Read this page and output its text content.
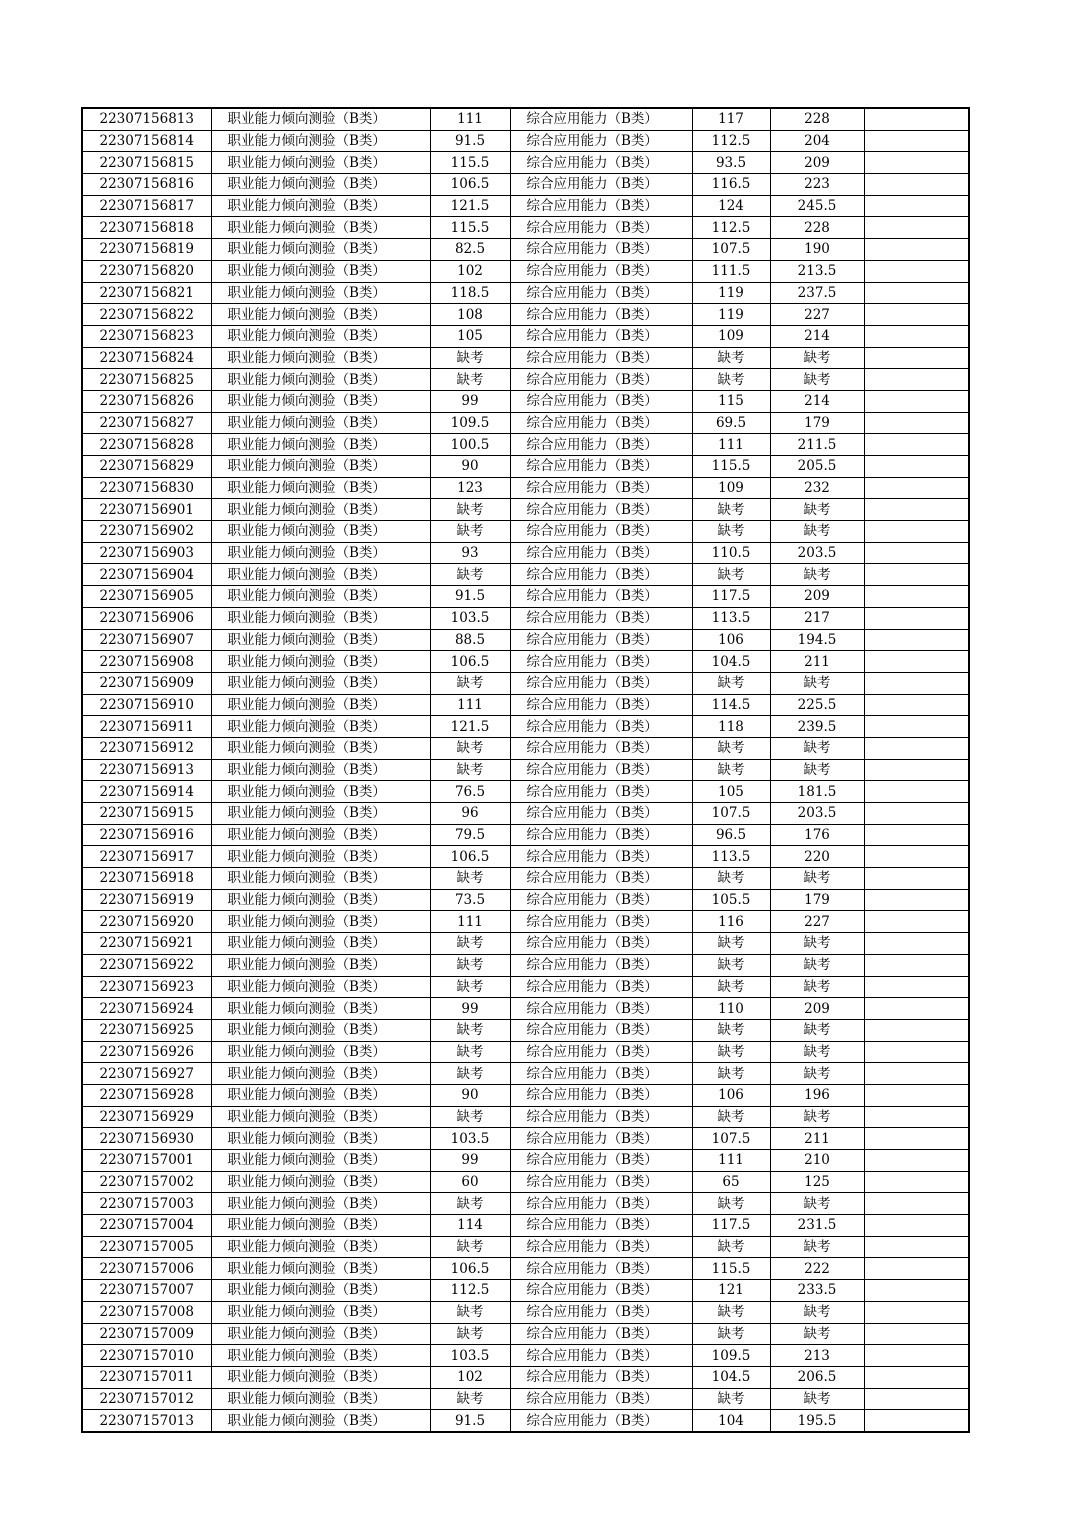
22307156813	职业能力倾向测验（B类）	111	综合应用能力（B类）	117	228	
22307156814	职业能力倾向测验（B类）	91.5	综合应用能力（B类）	112.5	204	
22307156815	职业能力倾向测验（B类）	115.5	综合应用能力（B类）	93.5	209	
22307156816	职业能力倾向测验（B类）	106.5	综合应用能力（B类）	116.5	223	
22307156817	职业能力倾向测验（B类）	121.5	综合应用能力（B类）	124	245.5	
22307156818	职业能力倾向测验（B类）	115.5	综合应用能力（B类）	112.5	228	
22307156819	职业能力倾向测验（B类）	82.5	综合应用能力（B类）	107.5	190	
22307156820	职业能力倾向测验（B类）	102	综合应用能力（B类）	111.5	213.5	
22307156821	职业能力倾向测验（B类）	118.5	综合应用能力（B类）	119	237.5	
22307156822	职业能力倾向测验（B类）	108	综合应用能力（B类）	119	227	
22307156823	职业能力倾向测验（B类）	105	综合应用能力（B类）	109	214	
22307156824	职业能力倾向测验（B类）	缺考	综合应用能力（B类）	缺考	缺考	
22307156825	职业能力倾向测验（B类）	缺考	综合应用能力（B类）	缺考	缺考	
22307156826	职业能力倾向测验（B类）	99	综合应用能力（B类）	115	214	
22307156827	职业能力倾向测验（B类）	109.5	综合应用能力（B类）	69.5	179	
22307156828	职业能力倾向测验（B类）	100.5	综合应用能力（B类）	111	211.5	
22307156829	职业能力倾向测验（B类）	90	综合应用能力（B类）	115.5	205.5	
22307156830	职业能力倾向测验（B类）	123	综合应用能力（B类）	109	232	
22307156901	职业能力倾向测验（B类）	缺考	综合应用能力（B类）	缺考	缺考	
22307156902	职业能力倾向测验（B类）	缺考	综合应用能力（B类）	缺考	缺考	
22307156903	职业能力倾向测验（B类）	93	综合应用能力（B类）	110.5	203.5	
22307156904	职业能力倾向测验（B类）	缺考	综合应用能力（B类）	缺考	缺考	
22307156905	职业能力倾向测验（B类）	91.5	综合应用能力（B类）	117.5	209	
22307156906	职业能力倾向测验（B类）	103.5	综合应用能力（B类）	113.5	217	
22307156907	职业能力倾向测验（B类）	88.5	综合应用能力（B类）	106	194.5	
22307156908	职业能力倾向测验（B类）	106.5	综合应用能力（B类）	104.5	211	
22307156909	职业能力倾向测验（B类）	缺考	综合应用能力（B类）	缺考	缺考	
22307156910	职业能力倾向测验（B类）	111	综合应用能力（B类）	114.5	225.5	
22307156911	职业能力倾向测验（B类）	121.5	综合应用能力（B类）	118	239.5	
22307156912	职业能力倾向测验（B类）	缺考	综合应用能力（B类）	缺考	缺考	
22307156913	职业能力倾向测验（B类）	缺考	综合应用能力（B类）	缺考	缺考	
22307156914	职业能力倾向测验（B类）	76.5	综合应用能力（B类）	105	181.5	
22307156915	职业能力倾向测验（B类）	96	综合应用能力（B类）	107.5	203.5	
22307156916	职业能力倾向测验（B类）	79.5	综合应用能力（B类）	96.5	176	
22307156917	职业能力倾向测验（B类）	106.5	综合应用能力（B类）	113.5	220	
22307156918	职业能力倾向测验（B类）	缺考	综合应用能力（B类）	缺考	缺考	
22307156919	职业能力倾向测验（B类）	73.5	综合应用能力（B类）	105.5	179	
22307156920	职业能力倾向测验（B类）	111	综合应用能力（B类）	116	227	
22307156921	职业能力倾向测验（B类）	缺考	综合应用能力（B类）	缺考	缺考	
22307156922	职业能力倾向测验（B类）	缺考	综合应用能力（B类）	缺考	缺考	
22307156923	职业能力倾向测验（B类）	缺考	综合应用能力（B类）	缺考	缺考	
22307156924	职业能力倾向测验（B类）	99	综合应用能力（B类）	110	209	
22307156925	职业能力倾向测验（B类）	缺考	综合应用能力（B类）	缺考	缺考	
22307156926	职业能力倾向测验（B类）	缺考	综合应用能力（B类）	缺考	缺考	
22307156927	职业能力倾向测验（B类）	缺考	综合应用能力（B类）	缺考	缺考	
22307156928	职业能力倾向测验（B类）	90	综合应用能力（B类）	106	196	
22307156929	职业能力倾向测验（B类）	缺考	综合应用能力（B类）	缺考	缺考	
22307156930	职业能力倾向测验（B类）	103.5	综合应用能力（B类）	107.5	211	
22307157001	职业能力倾向测验（B类）	99	综合应用能力（B类）	111	210	
22307157002	职业能力倾向测验（B类）	60	综合应用能力（B类）	65	125	
22307157003	职业能力倾向测验（B类）	缺考	综合应用能力（B类）	缺考	缺考	
22307157004	职业能力倾向测验（B类）	114	综合应用能力（B类）	117.5	231.5	
22307157005	职业能力倾向测验（B类）	缺考	综合应用能力（B类）	缺考	缺考	
22307157006	职业能力倾向测验（B类）	106.5	综合应用能力（B类）	115.5	222	
22307157007	职业能力倾向测验（B类）	112.5	综合应用能力（B类）	121	233.5	
22307157008	职业能力倾向测验（B类）	缺考	综合应用能力（B类）	缺考	缺考	
22307157009	职业能力倾向测验（B类）	缺考	综合应用能力（B类）	缺考	缺考	
22307157010	职业能力倾向测验（B类）	103.5	综合应用能力（B类）	109.5	213	
22307157011	职业能力倾向测验（B类）	102	综合应用能力（B类）	104.5	206.5	
22307157012	职业能力倾向测验（B类）	缺考	综合应用能力（B类）	缺考	缺考	
22307157013	职业能力倾向测验（B类）	91.5	综合应用能力（B类）	104	195.5	
